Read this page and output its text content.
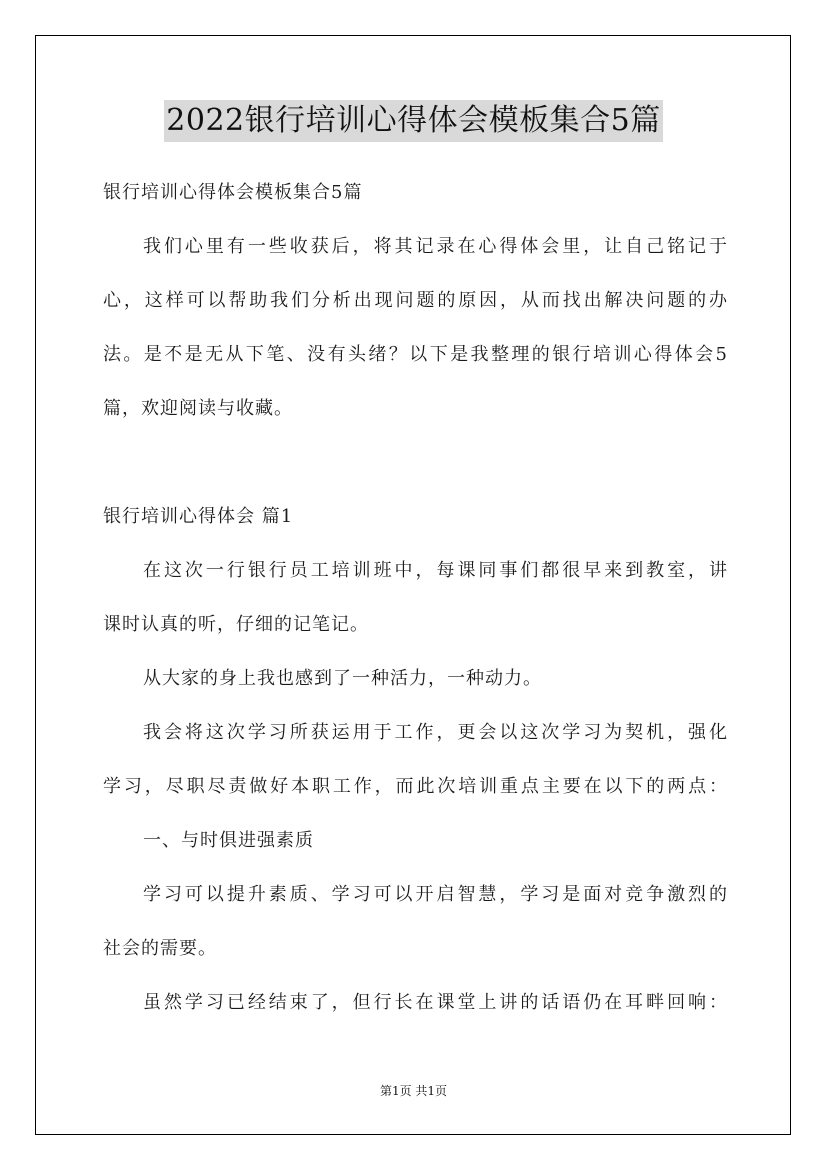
2022银行培训心得体会模板集合5篇
银行培训心得体会模板集合5篇
我们心里有一些收获后，将其记录在心得体会里，让自己铭记于
心，这样可以帮助我们分析出现问题的原因，从而找出解决问题的办
法。是不是无从下笔、没有头绪？以下是我整理的银行培训心得体会5
篇，欢迎阅读与收藏。
银行培训心得体会 篇1
在这次一行银行员工培训班中，每课同事们都很早来到教室，讲
课时认真的听，仔细的记笔记。
从大家的身上我也感到了一种活力，一种动力。
我会将这次学习所获运用于工作，更会以这次学习为契机，强化
学习，尽职尽责做好本职工作，而此次培训重点主要在以下的两点：
一、与时俱进强素质
学习可以提升素质、学习可以开启智慧，学习是面对竞争激烈的
社会的需要。
虽然学习已经结束了，但行长在课堂上讲的话语仍在耳畔回响：
第1页 共1页
